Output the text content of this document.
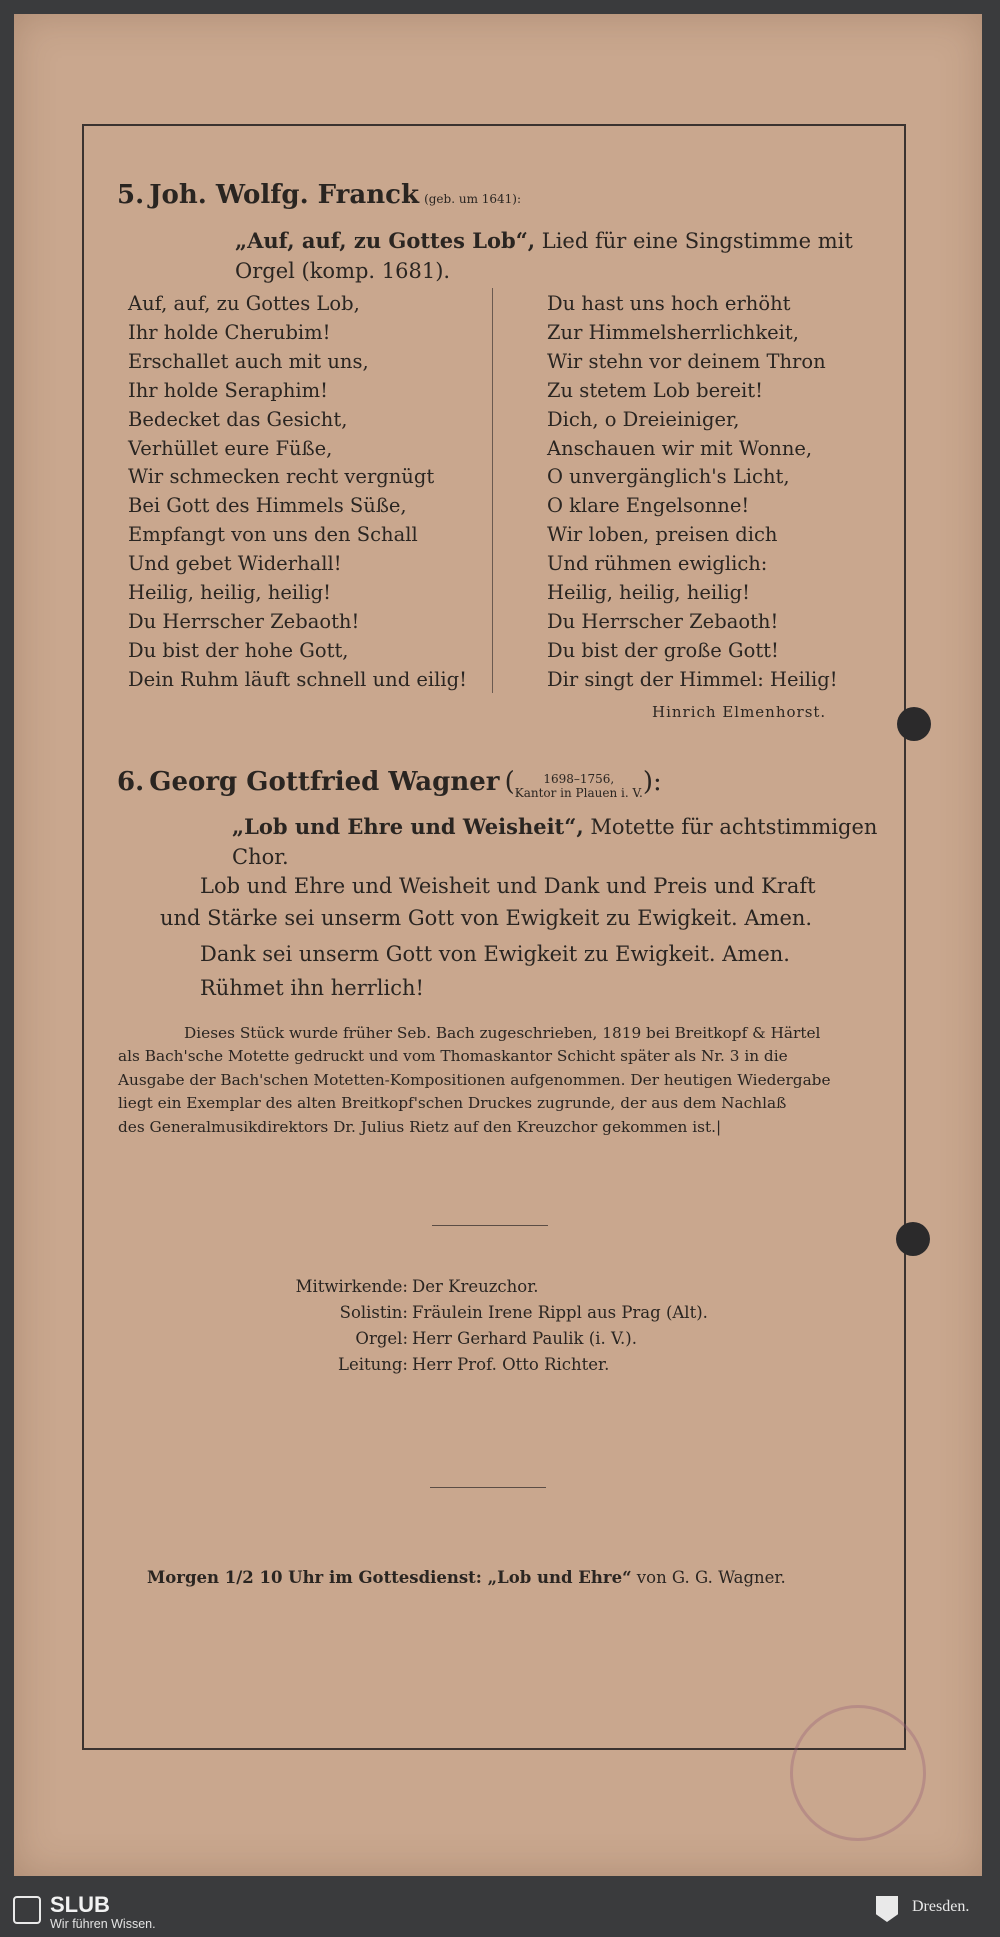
5. Joh. Wolfg. Franck (geb. um 1641):
„Auf, auf, zu Gottes Lob“, Lied für eine Singstimme mit
Orgel (komp. 1681).
Auf, auf, zu Gottes Lob,
Ihr holde Cherubim!
Erschallet auch mit uns,
Ihr holde Seraphim!
Bedecket das Gesicht,
Verhüllet eure Füße,
Wir schmecken recht vergnügt
Bei Gott des Himmels Süße,
Empfangt von uns den Schall
Und gebet Widerhall!
Heilig, heilig, heilig!
Du Herrscher Zebaoth!
Du bist der hohe Gott,
Dein Ruhm läuft schnell und eilig!
Du hast uns hoch erhöht
Zur Himmelsherrlichkeit,
Wir stehn vor deinem Thron
Zu stetem Lob bereit!
Dich, o Dreieiniger,
Anschauen wir mit Wonne,
O unvergänglich's Licht,
O klare Engelsonne!
Wir loben, preisen dich
Und rühmen ewiglich:
Heilig, heilig, heilig!
Du Herrscher Zebaoth!
Du bist der große Gott!
Dir singt der Himmel: Heilig!
Hinrich Elmenhorst.
6. Georg Gottfried Wagner (	1698–1756,
Kantor in Plauen i. V. ):
„Lob und Ehre und Weisheit“, Motette für achtstimmigen
Chor.
Lob und Ehre und Weisheit und Dank und Preis und Kraft
und Stärke sei unserm Gott von Ewigkeit zu Ewigkeit. Amen.
Dank sei unserm Gott von Ewigkeit zu Ewigkeit. Amen.
Rühmet ihn herrlich!
Dieses Stück wurde früher Seb. Bach zugeschrieben, 1819 bei Breitkopf & Härtel
als Bach'sche Motette gedruckt und vom Thomaskantor Schicht später als Nr. 3 in die
Ausgabe der Bach'schen Motetten-Kompositionen aufgenommen. Der heutigen Wiedergabe
liegt ein Exemplar des alten Breitkopf'schen Druckes zugrunde, der aus dem Nachlaß
des Generalmusikdirektors Dr. Julius Rietz auf den Kreuzchor gekommen ist.|
Mitwirkende: Der Kreuzchor.
Solistin: Fräulein Irene Rippl aus Prag (Alt).
Orgel: Herr Gerhard Paulik (i. V.).
Leitung: Herr Prof. Otto Richter.
Morgen 1/2 10 Uhr im Gottesdienst: „Lob und Ehre“ von G. G. Wagner.
SLUB
Wir führen Wissen.
Dresden.
